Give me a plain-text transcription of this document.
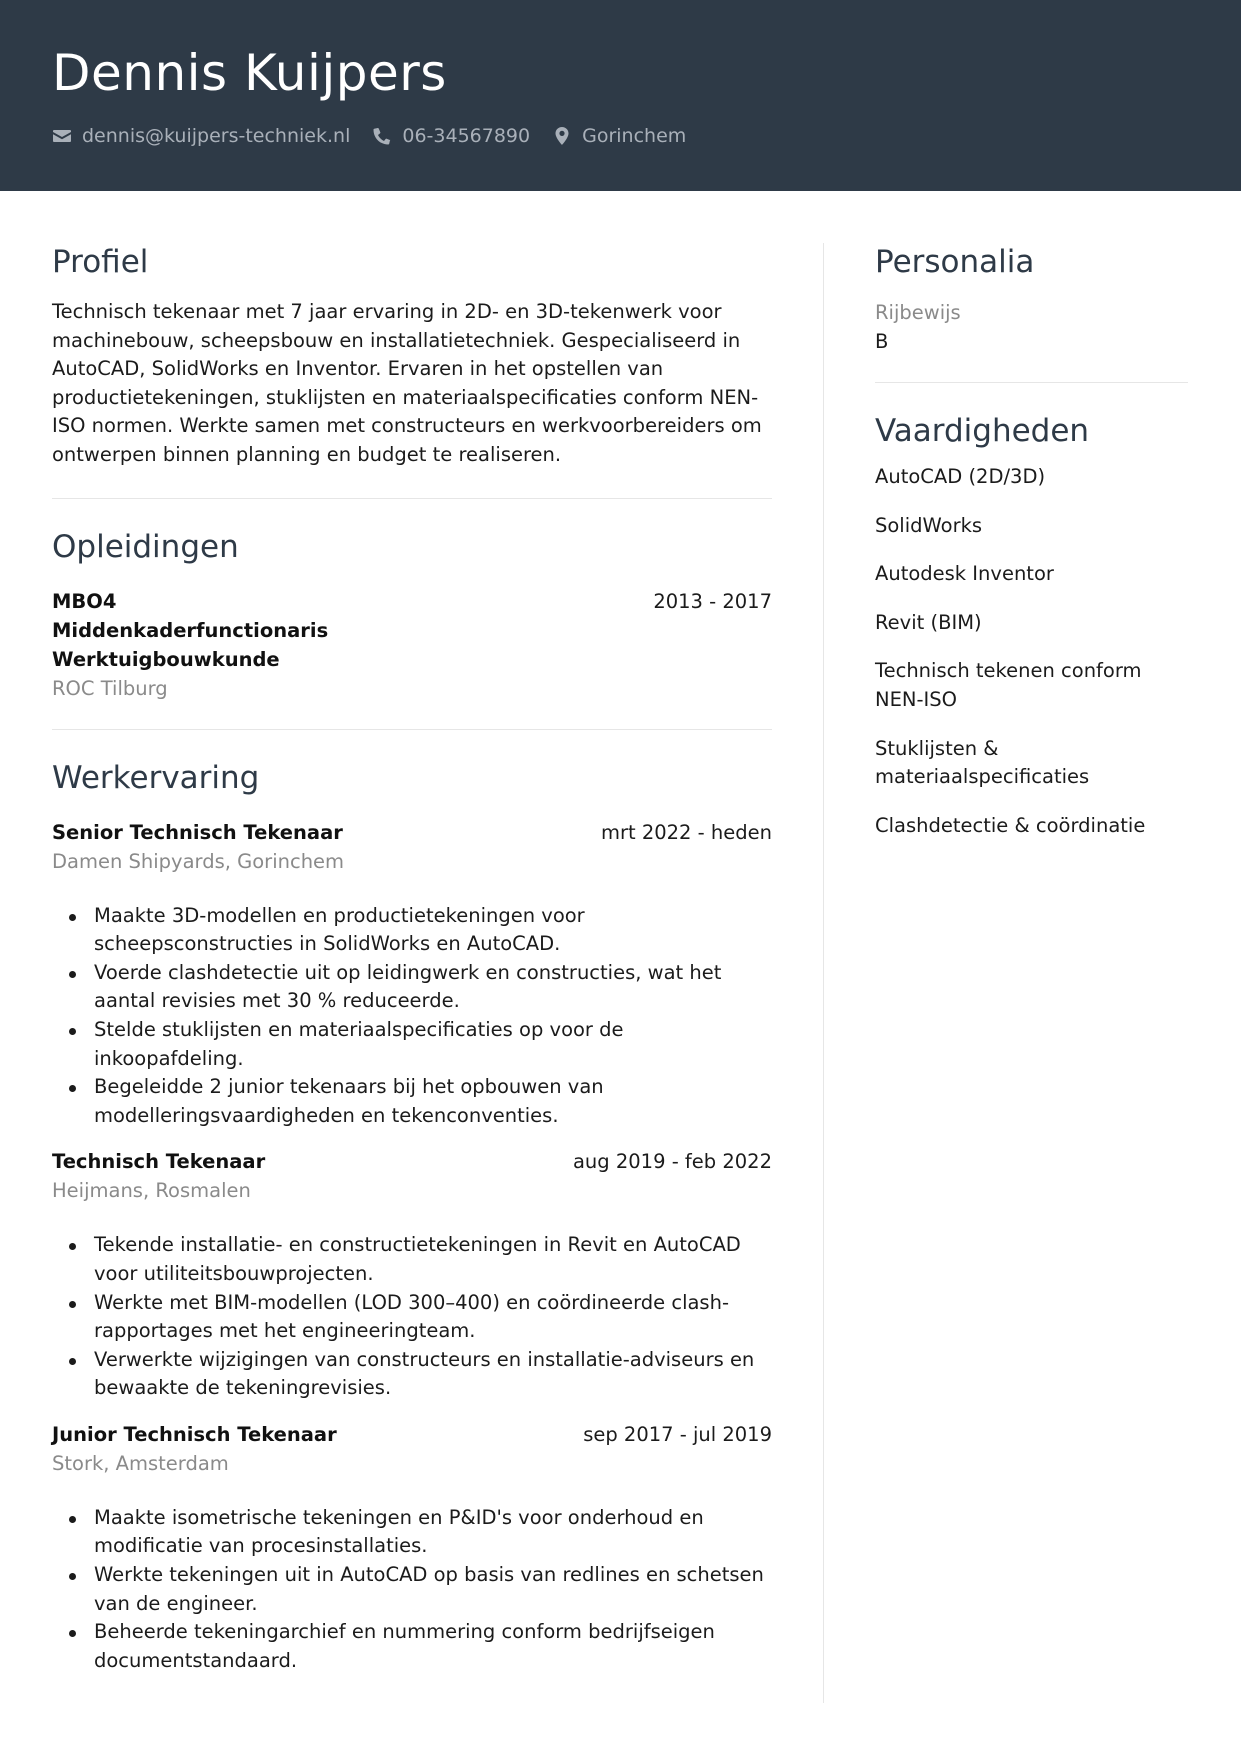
Dennis Kuijpers
dennis@kuijpers-techniek.nl	06-34567890	Gorinchem
Profiel

Technisch tekenaar met 7 jaar ervaring in 2D- en 3D-tekenwerk voor machinebouw, scheepsbouw en installatietechniek. Gespecialiseerd in AutoCAD, SolidWorks en Inventor. Ervaren in het opstellen van productietekeningen, stuklijsten en materiaalspecificaties conform NEN-ISO normen. Werkte samen met constructeurs en werkvoorbereiders om ontwerpen binnen planning en budget te realiseren.

Opleidingen
MBO4 Middenkaderfunctionaris Werktuigbouwkunde
2013 - 2017
ROC Tilburg
Werkervaring
Senior Technisch Tekenaar	mrt 2022 - heden
Damen Shipyards, Gorinchem
Maakte 3D-modellen en productietekeningen voor scheepsconstructies in SolidWorks en AutoCAD.
Voerde clashdetectie uit op leidingwerk en constructies, wat het aantal revisies met 30 % reduceerde.
Stelde stuklijsten en materiaalspecificaties op voor de inkoopafdeling.
Begeleidde 2 junior tekenaars bij het opbouwen van modelleringsvaardigheden en tekenconventies.
Technisch Tekenaar	aug 2019 - feb 2022
Heijmans, Rosmalen
Tekende installatie- en constructietekeningen in Revit en AutoCAD voor utiliteitsbouwprojecten.
Werkte met BIM-modellen (LOD 300–400) en coördineerde clash-rapportages met het engineeringteam.
Verwerkte wijzigingen van constructeurs en installatie-adviseurs en bewaakte de tekeningrevisies.
Junior Technisch Tekenaar	sep 2017 - jul 2019
Stork, Amsterdam
Maakte isometrische tekeningen en P&ID's voor onderhoud en modificatie van procesinstallaties.
Werkte tekeningen uit in AutoCAD op basis van redlines en schetsen van de engineer.
Beheerde tekeningarchief en nummering conform bedrijfseigen documentstandaard.
Personalia
Rijbewijs
B
Vaardigheden
AutoCAD (2D/3D)
SolidWorks
Autodesk Inventor
Revit (BIM)
Technisch tekenen conform NEN-ISO
Stuklijsten & materiaalspecificaties
Clashdetectie & coördinatie
